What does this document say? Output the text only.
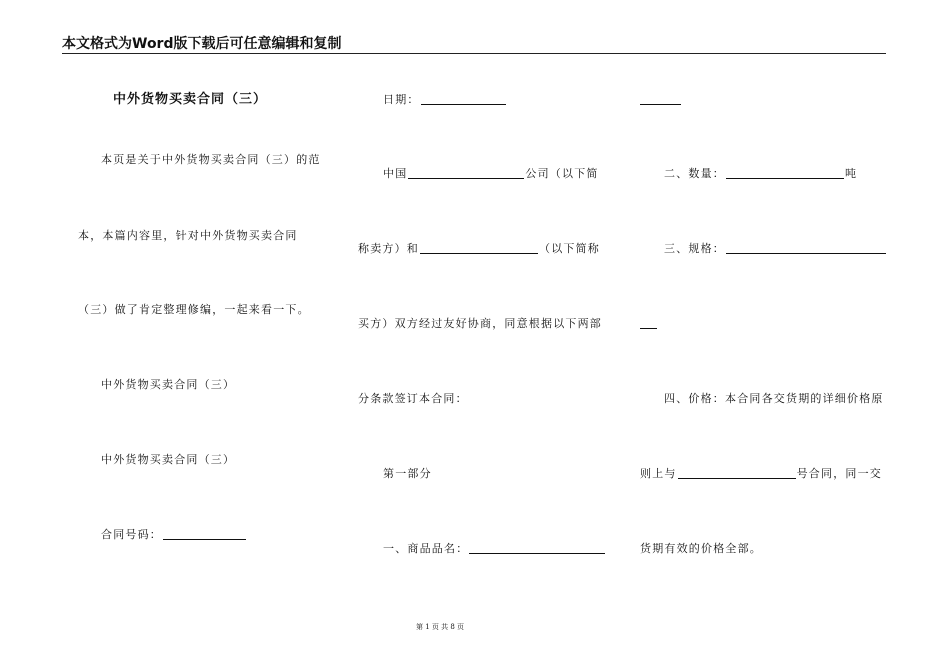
本文格式为Word版下载后可任意编辑和复制
中外货物买卖合同（三）
本页是关于中外货物买卖合同（三）的范
本，本篇内容里，针对中外货物买卖合同
（三）做了肯定整理修编，一起来看一下。
中外货物买卖合同（三）
中外货物买卖合同（三）
合同号码：
日期：
中国	公司（以下简
称卖方）和	（以下简称
买方）双方经过友好协商，同意根据以下两部
分条款签订本合同：
第一部分
一、商品品名：
二、数量：	吨
三、规格：
四、价格：本合同各交货期的详细价格原
则上与	号合同，同一交
货期有效的价格全部。
第 1 页 共 8 页
